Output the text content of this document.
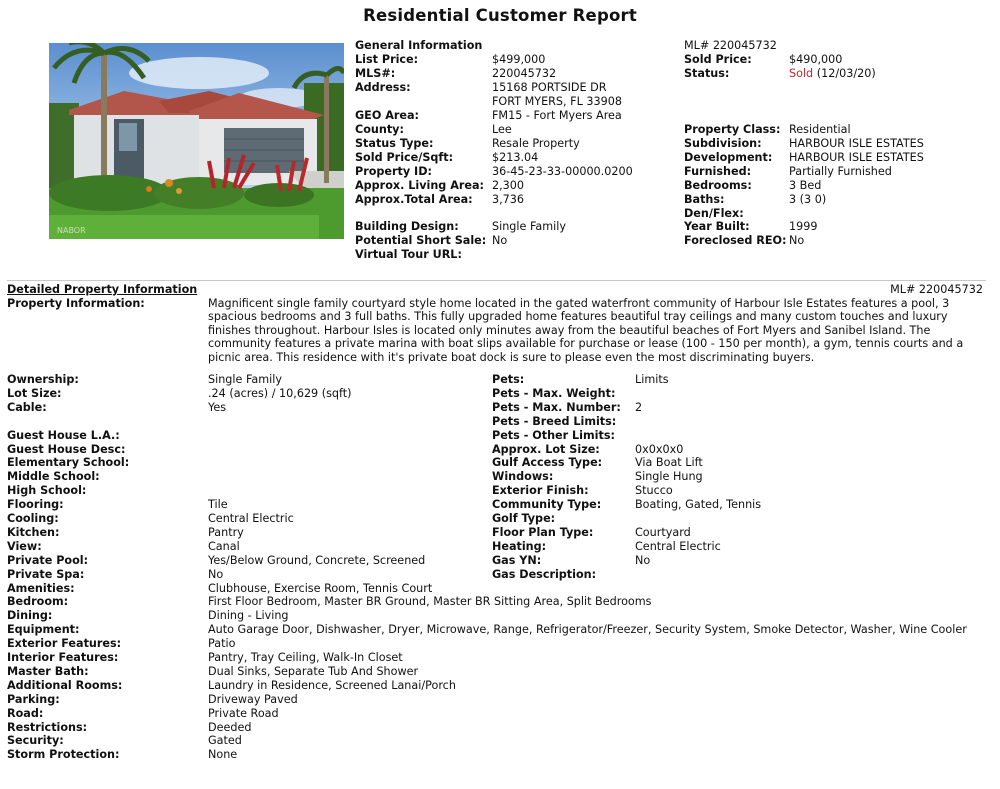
Residential Customer Report
NABOR
General Information
List Price:	$499,000
MLS#:	220045732
Address:	15168 PORTSIDE DR
FORT MYERS, FL 33908
GEO Area:	FM15 - Fort Myers Area
County:	Lee
Status Type:	Resale Property
Sold Price/Sqft:	$213.04
Property ID:	36-45-23-33-00000.0200
Approx. Living Area: 2,300
Approx.Total Area: 3,736
Building Design:	Single Family
Potential Short Sale: No
Virtual Tour URL:
ML# 220045732
Sold Price:	$490,000
Status:	Sold (12/03/20)
Property Class: Residential
Subdivision: HARBOUR ISLE ESTATES
Development: HARBOUR ISLE ESTATES
Furnished:	Partially Furnished
Bedrooms:	3 Bed
Baths:	3 (3 0)
Den/Flex:
Year Built:	1999
Foreclosed REO: No
Detailed Property Information	ML# 220045732
Property Information:	Magnificent single family courtyard style home located in the gated waterfront community of Harbour Isle Estates features a pool, 3 spacious bedrooms and 3 full baths. This fully upgraded home features beautiful tray ceilings and many custom touches and luxury finishes throughout. Harbour Isles is located only minutes away from the beautiful beaches of Fort Myers and Sanibel Island. The community features a private marina with boat slips available for purchase or lease (100 - 150 per month), a gym, tennis courts and a picnic area. This residence with it's private boat dock is sure to please even the most discriminating buyers.
Ownership:	Single Family
Lot Size:	.24 (acres) / 10,629 (sqft)
Cable:	Yes
Guest House L.A.:
Guest House Desc:
Elementary School:
Middle School:
High School:
Flooring:	Tile
Cooling:	Central Electric
Kitchen:	Pantry
View:	Canal
Private Pool:	Yes/Below Ground, Concrete, Screened
Private Spa:	No
Amenities:	Clubhouse, Exercise Room, Tennis Court
Bedroom:	First Floor Bedroom, Master BR Ground, Master BR Sitting Area, Split Bedrooms
Dining:	Dining - Living
Equipment:	Auto Garage Door, Dishwasher, Dryer, Microwave, Range, Refrigerator/Freezer, Security System, Smoke Detector, Washer, Wine Cooler
Exterior Features:	Patio
Interior Features:	Pantry, Tray Ceiling, Walk-In Closet
Master Bath:	Dual Sinks, Separate Tub And Shower
Additional Rooms:	Laundry in Residence, Screened Lanai/Porch
Parking:	Driveway Paved
Road:	Private Road
Restrictions:	Deeded
Security:	Gated
Storm Protection:	None
Pets:	Limits
Pets - Max. Weight:
Pets - Max. Number: 2
Pets - Breed Limits:
Pets - Other Limits:
Approx. Lot Size:	0x0x0x0
Gulf Access Type:	Via Boat Lift
Windows:	Single Hung
Exterior Finish:	Stucco
Community Type:	Boating, Gated, Tennis
Golf Type:
Floor Plan Type:	Courtyard
Heating:	Central Electric
Gas YN:	No
Gas Description:
